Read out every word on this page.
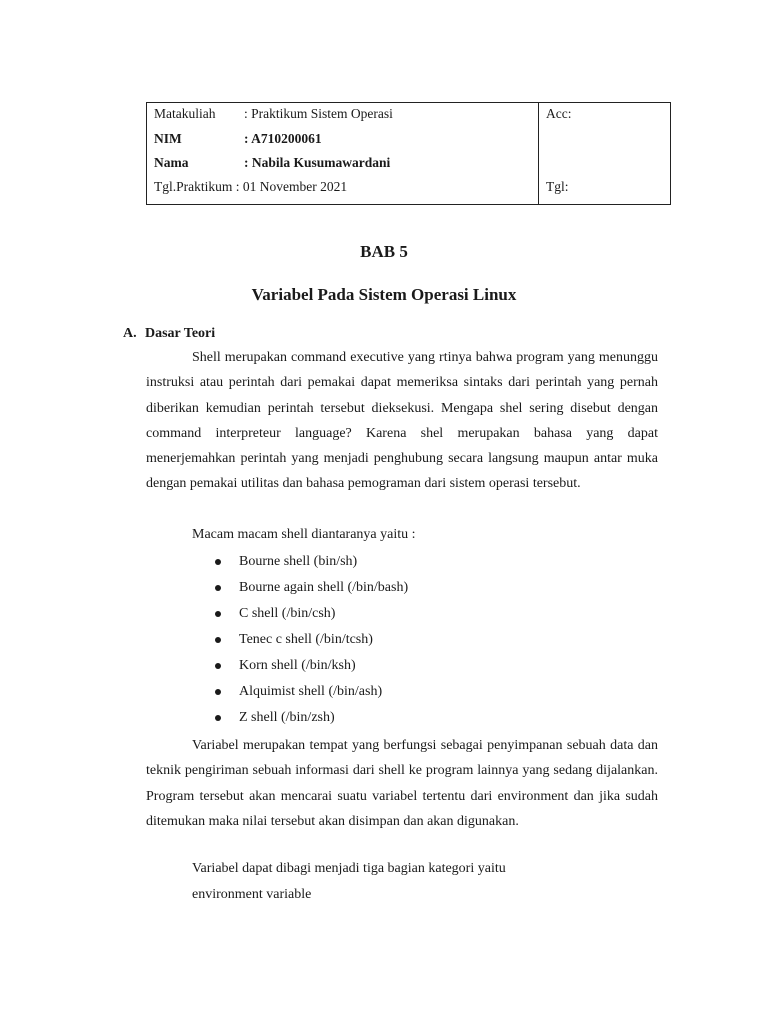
Matakuliah : Praktikum Sistem Operasi
NIM	: A710200061
Nama	: Nabila Kusumawardani
Tgl.Praktikum : 01 November 2021
Acc:
Tgl:
BAB 5
Variabel Pada Sistem Operasi Linux
A. Dasar Teori
Shell merupakan command executive yang rtinya bahwa program yang menunggu instruksi atau perintah dari pemakai dapat memeriksa sintaks dari perintah yang pernah diberikan kemudian perintah tersebut dieksekusi. Mengapa shel sering disebut dengan command interpreteur language? Karena shel merupakan bahasa yang dapat menerjemahkan perintah yang menjadi penghubung secara langsung maupun antar muka dengan pemakai utilitas dan bahasa pemograman dari sistem operasi tersebut.
Macam macam shell diantaranya yaitu :
Bourne shell (bin/sh)
Bourne again shell (/bin/bash)
C shell (/bin/csh)
Tenec c shell (/bin/tcsh)
Korn shell (/bin/ksh)
Alquimist shell (/bin/ash)
Z shell (/bin/zsh)
Variabel merupakan tempat yang berfungsi sebagai penyimpanan sebuah data dan teknik pengiriman sebuah informasi dari shell ke program lainnya yang sedang dijalankan. Program tersebut akan mencarai suatu variabel tertentu dari environment dan jika sudah ditemukan maka nilai tersebut akan disimpan dan akan digunakan.
Variabel dapat dibagi menjadi tiga bagian kategori yaitu
environment variable
